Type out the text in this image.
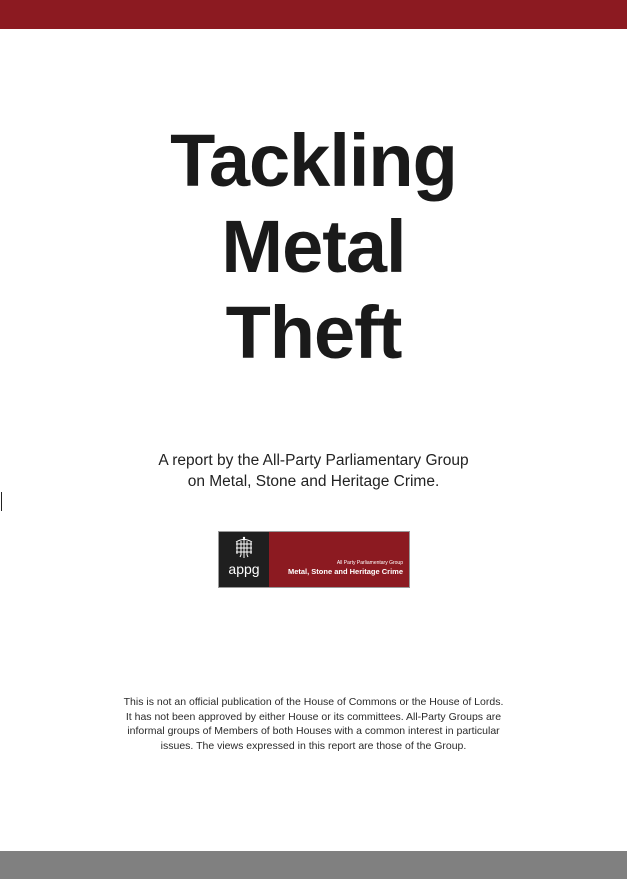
Tackling
Metal
Theft
A report by the All-Party Parliamentary Group
on Metal, Stone and Heritage Crime.
appg	All Party Parliamentary Group
Metal, Stone and Heritage Crime
This is not an official publication of the House of Commons or the House of Lords.
It has not been approved by either House or its committees. All-Party Groups are
informal groups of Members of both Houses with a common interest in particular
issues. The views expressed in this report are those of the Group.
